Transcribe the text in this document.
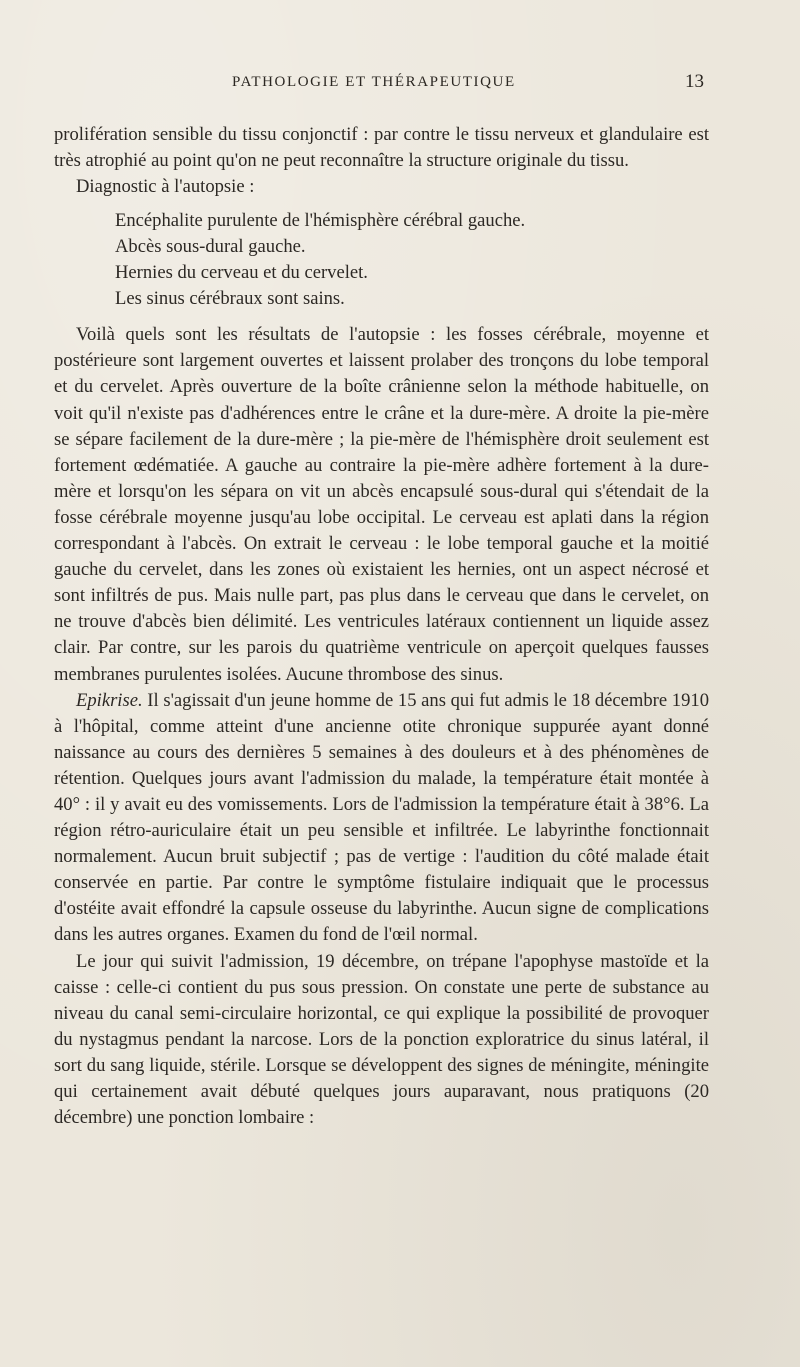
PATHOLOGIE ET THÉRAPEUTIQUE	13

prolifération sensible du tissu conjonctif : par contre le tissu nerveux et glandulaire est très atrophié au point qu'on ne peut reconnaître la structure originale du tissu.

Diagnostic à l'autopsie :

Encéphalite purulente de l'hémisphère cérébral gauche.
Abcès sous-dural gauche.
Hernies du cerveau et du cervelet.
Les sinus cérébraux sont sains.

Voilà quels sont les résultats de l'autopsie : les fosses cérébrale, moyenne et postérieure sont largement ouvertes et laissent prolaber des tronçons du lobe temporal et du cervelet. Après ouverture de la boîte crânienne selon la méthode habituelle, on voit qu'il n'existe pas d'adhérences entre le crâne et la dure-mère. A droite la pie-mère se sépare facilement de la dure-mère ; la pie-mère de l'hémisphère droit seulement est fortement œdématiée. A gauche au contraire la pie-mère adhère fortement à la dure-mère et lorsqu'on les sépara on vit un abcès encapsulé sous-dural qui s'étendait de la fosse cérébrale moyenne jusqu'au lobe occipital. Le cerveau est aplati dans la région correspondant à l'abcès. On extrait le cerveau : le lobe temporal gauche et la moitié gauche du cervelet, dans les zones où existaient les hernies, ont un aspect nécrosé et sont infiltrés de pus. Mais nulle part, pas plus dans le cerveau que dans le cervelet, on ne trouve d'abcès bien délimité. Les ventricules latéraux contiennent un liquide assez clair. Par contre, sur les parois du quatrième ventricule on aperçoit quelques fausses membranes purulentes isolées. Aucune thrombose des sinus.

Epikrise. Il s'agissait d'un jeune homme de 15 ans qui fut admis le 18 décembre 1910 à l'hôpital, comme atteint d'une ancienne otite chronique suppurée ayant donné naissance au cours des dernières 5 semaines à des douleurs et à des phénomènes de rétention. Quelques jours avant l'admission du malade, la température était montée à 40° : il y avait eu des vomissements. Lors de l'admission la température était à 38°6. La région rétro-auriculaire était un peu sensible et infiltrée. Le labyrinthe fonctionnait normalement. Aucun bruit subjectif ; pas de vertige : l'audition du côté malade était conservée en partie. Par contre le symptôme fistulaire indiquait que le processus d'ostéite avait effondré la capsule osseuse du labyrinthe. Aucun signe de complications dans les autres organes. Examen du fond de l'œil normal.

Le jour qui suivit l'admission, 19 décembre, on trépane l'apophyse mastoïde et la caisse : celle-ci contient du pus sous pression. On constate une perte de substance au niveau du canal semi-circulaire horizontal, ce qui explique la possibilité de provoquer du nystagmus pendant la narcose. Lors de la ponction exploratrice du sinus latéral, il sort du sang liquide, stérile. Lorsque se développent des signes de méningite, méningite qui certainement avait débuté quelques jours auparavant, nous pratiquons (20 décembre) une ponction lombaire :
